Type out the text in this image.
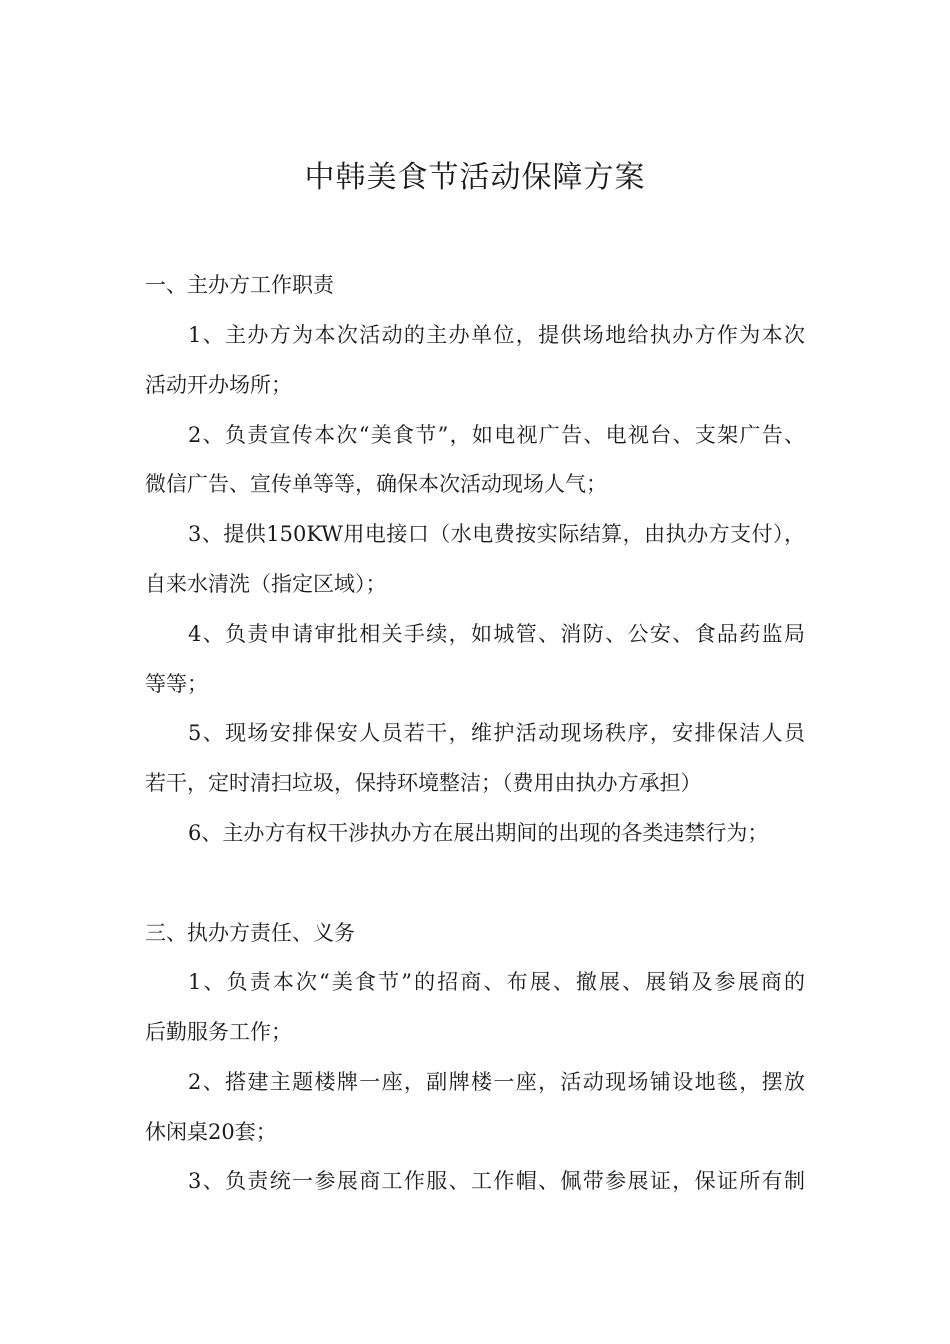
中韩美食节活动保障方案
一、主办方工作职责
1、主办方为本次活动的主办单位，提供场地给执办方作为本次
活动开办场所；
2、负责宣传本次“美食节”，如电视广告、电视台、支架广告、
微信广告、宣传单等等，确保本次活动现场人气；
3、提供150KW用电接口（水电费按实际结算，由执办方支付），
自来水清洗（指定区域）；
4、负责申请审批相关手续，如城管、消防、公安、食品药监局
等等；
5、现场安排保安人员若干，维护活动现场秩序，安排保洁人员
若干，定时清扫垃圾，保持环境整洁；（费用由执办方承担）
6、主办方有权干涉执办方在展出期间的出现的各类违禁行为；
三、执办方责任、义务
1、负责本次“美食节”的招商、布展、撤展、展销及参展商的
后勤服务工作；
2、搭建主题楼牌一座，副牌楼一座，活动现场铺设地毯，摆放
休闲桌20套；
3、负责统一参展商工作服、工作帽、佩带参展证，保证所有制
